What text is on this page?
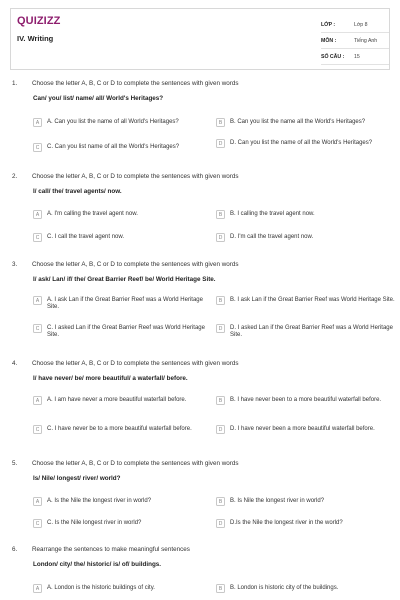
QUIZIZZ
IV. Writing
LỚP :	Lớp 8
MÔN :	Tiếng Anh
SỐ CÂU :	15
1.	Choose the letter A, B, C or D to complete the sentences with given words
Can/ you/ list/ name/ all/ World's Heritages?
A	A. Can you list the name of all World's Heritages?	B	B. Can you list the name all the World's Heritages?
C	C. Can you list name of all the World's Heritages?
D	D. Can you list the name of all the World's Heritages?
2.	Choose the letter A, B, C or D to complete the sentences with given words
I/ call/ the/ travel agents/ now.
A	A. I'm calling the travel agent now.	B	B. I calling the travel agent now.
C	C. I call the travel agent now.	D	D. I'm call the travel agent now.
3.	Choose the letter A, B, C or D to complete the sentences with given words
I/ ask/ Lan/ if/ the/ Great Barrier Reef/ be/ World Heritage Site.
A	A. I ask Lan if the Great Barrier Reef was a World Heritage Site.
B	B. I ask Lan if the Great Barrier Reef was World Heritage Site.
C	C. I asked Lan if the Great Barrier Reef was World Heritage Site.
D	D. I asked Lan if the Great Barrier Reef was a World Heritage Site.
4.	Choose the letter A, B, C or D to complete the sentences with given words
I/ have never/ be/ more beautiful/ a waterfall/ before.
A	A. I am have never a more beautiful waterfall before.	B	B. I have never been to a more beautiful waterfall before.
C	C. I have never be to a more beautiful waterfall before.	D	D. I have never been a more beautiful waterfall before.
5.	Choose the letter A, B, C or D to complete the sentences with given words
Is/ Nile/ longest/ river/ world?
A	A. Is the Nile the longest river in world?	B	B. Is Nile the longest river in world?
C	C. Is the Nile longest river in world?	D	D.Is the Nile the longest river in the world?
6.	Rearrange the sentences to make meaningful sentences
London/ city/ the/ historic/ is/ of/ buildings.
A	A. London is the historic buildings of city.	B	B. London is historic city of the buildings.
